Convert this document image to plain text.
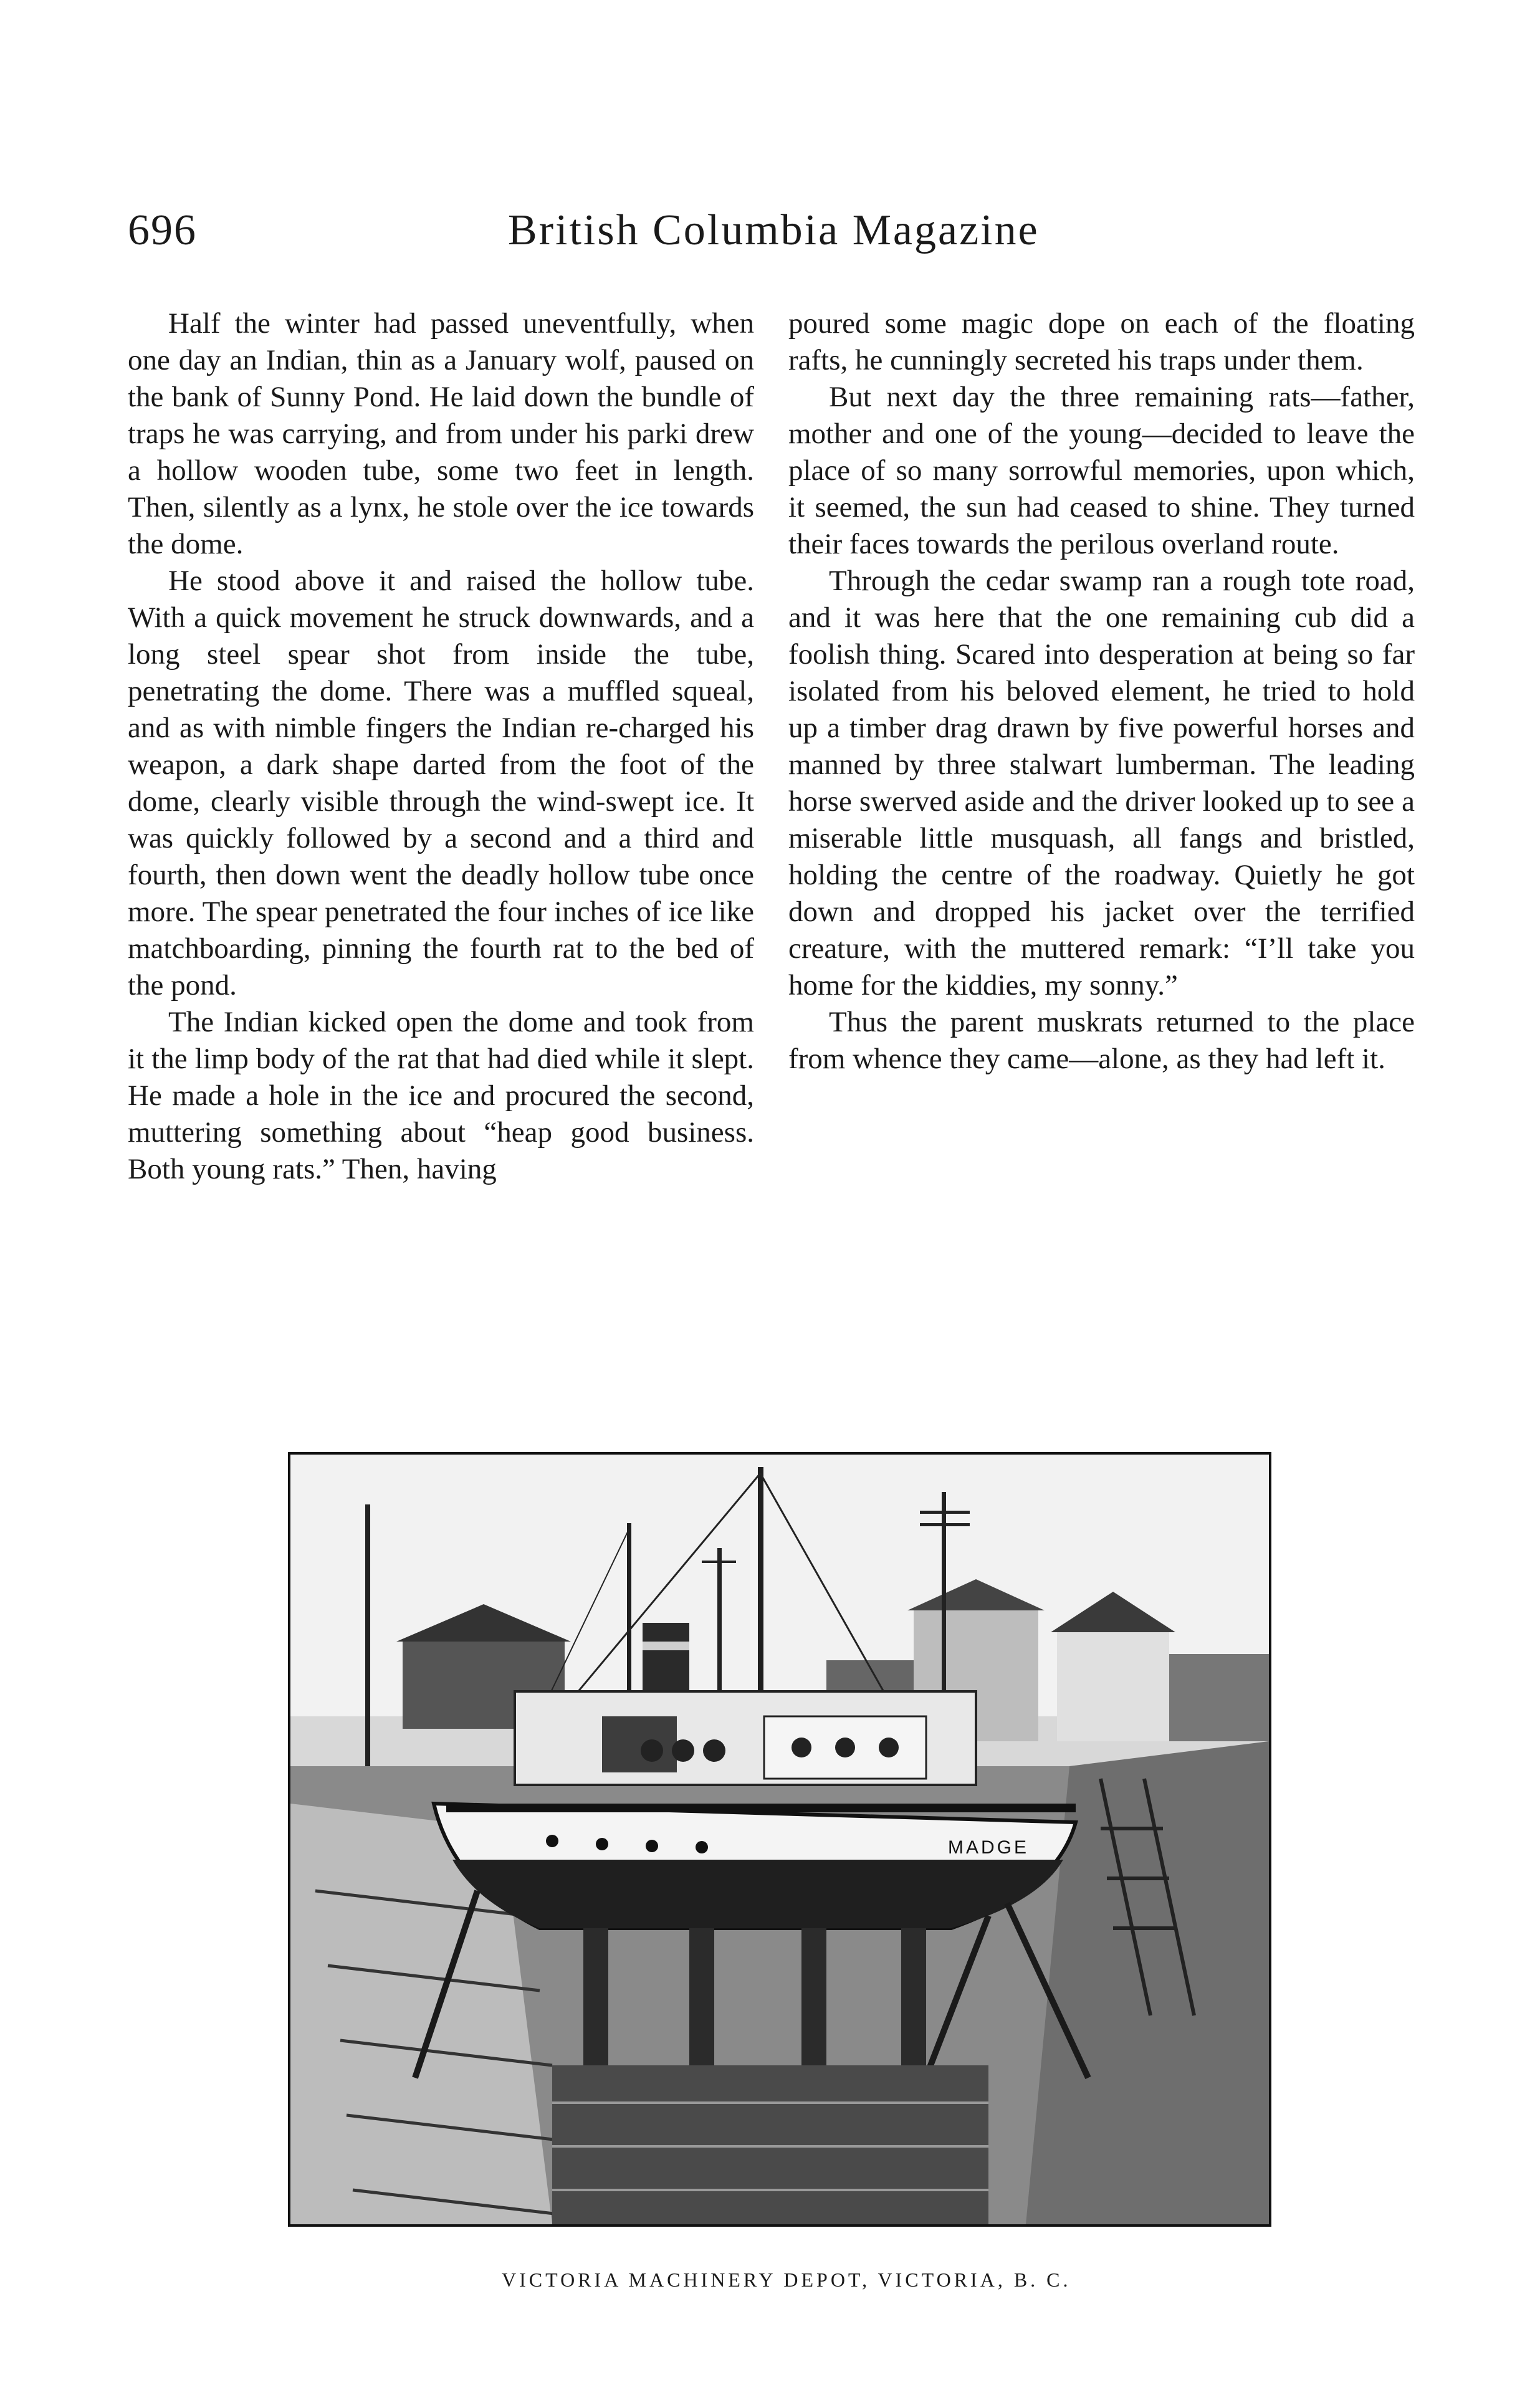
696	British Columbia Magazine

Half the winter had passed uneventfully, when one day an Indian, thin as a January wolf, paused on the bank of Sunny Pond. He laid down the bundle of traps he was carrying, and from under his parki drew a hollow wooden tube, some two feet in length. Then, silently as a lynx, he stole over the ice towards the dome.

He stood above it and raised the hollow tube. With a quick movement he struck downwards, and a long steel spear shot from inside the tube, penetrating the dome. There was a muffled squeal, and as with nimble fingers the Indian re-charged his weapon, a dark shape darted from the foot of the dome, clearly visible through the wind-swept ice. It was quickly followed by a second and a third and fourth, then down went the deadly hollow tube once more. The spear penetrated the four inches of ice like matchboarding, pinning the fourth rat to the bed of the pond.

The Indian kicked open the dome and took from it the limp body of the rat that had died while it slept. He made a hole in the ice and procured the second, muttering something about “heap good business. Both young rats.” Then, having

poured some magic dope on each of the floating rafts, he cunningly secreted his traps under them.

But next day the three remaining rats—father, mother and one of the young—decided to leave the place of so many sorrowful memories, upon which, it seemed, the sun had ceased to shine. They turned their faces towards the perilous overland route.

Through the cedar swamp ran a rough tote road, and it was here that the one remaining cub did a foolish thing. Scared into desperation at being so far isolated from his beloved element, he tried to hold up a timber drag drawn by five powerful horses and manned by three stalwart lumberman. The leading horse swerved aside and the driver looked up to see a miserable little musquash, all fangs and bristled, holding the centre of the roadway. Quietly he got down and dropped his jacket over the terrified creature, with the muttered remark: “I’ll take you home for the kiddies, my sonny.”

Thus the parent muskrats returned to the place from whence they came—alone, as they had left it.

MADGE
VICTORIA MACHINERY DEPOT, VICTORIA, B. C.
